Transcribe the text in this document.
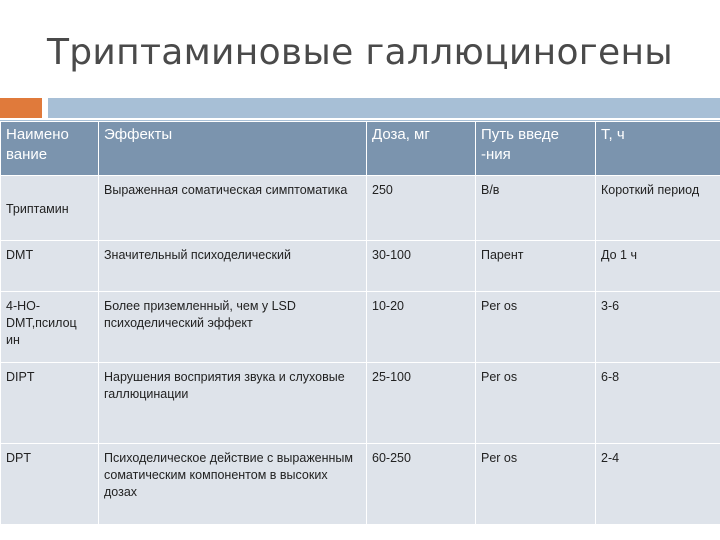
Триптаминовые галлюциногены
Наимено вание	Эффекты	Доза, мг	Путь введе -ния	Т, ч
Триптамин	Выраженная соматическая симптоматика	250	В/в	Короткий период
DMT	Значительный психоделический	30-100	Парент	До 1 ч
4-HO-DMT,псилоц ин	Более приземленный, чем у LSD психоделический эффект	10-20	Per os	3-6
DIPT	Нарушения восприятия звука и слуховые галлюцинации	25-100	Per os	6-8
DPT	Психоделическое действие с выраженным соматическим компонентом в высоких дозах	60-250	Per os	2-4
